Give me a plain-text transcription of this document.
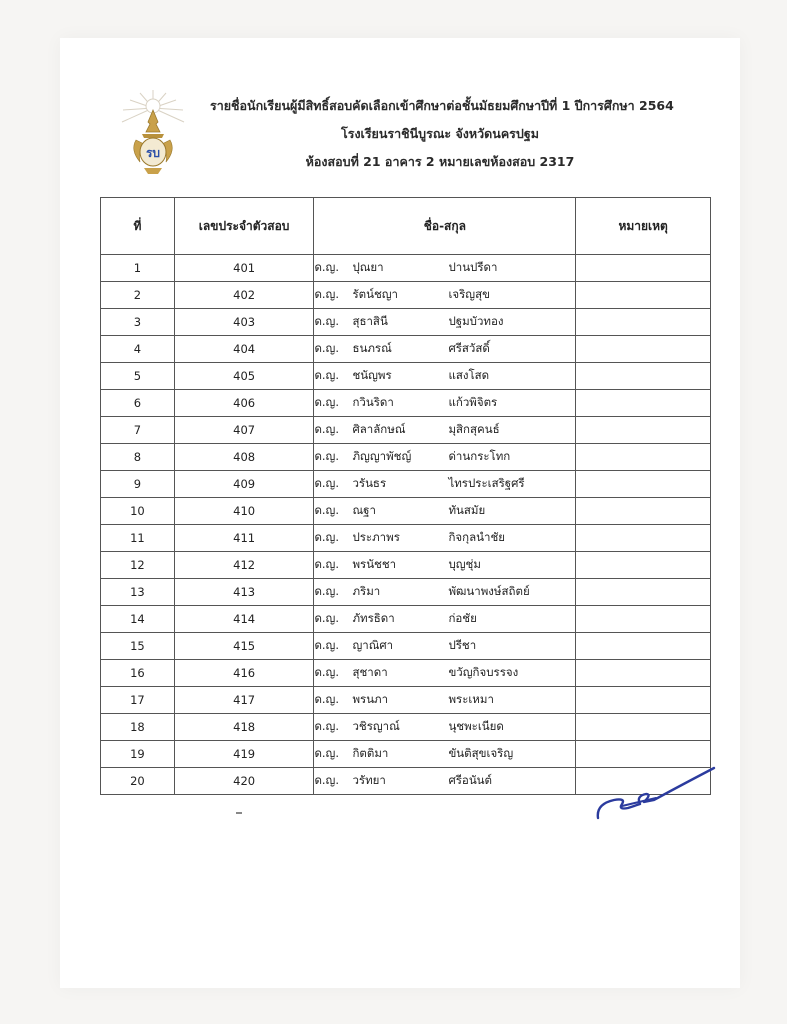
รบ
รายชื่อนักเรียนผู้มีสิทธิ์สอบคัดเลือกเข้าศึกษาต่อชั้นมัธยมศึกษาปีที่ 1 ปีการศึกษา 2564
โรงเรียนราชินีบูรณะ จังหวัดนครปฐม
ห้องสอบที่ 21 อาคาร 2 หมายเลขห้องสอบ 2317
ที่	เลขประจำตัวสอบ	ชื่อ-สกุล	หมายเหตุ
1	401	ด.ญ. ปุณยา ปานปรีดา	
2	402	ด.ญ. รัตน์ชญา เจริญสุข	
3	403	ด.ญ. สุธาสินี ปฐมบัวทอง	
4	404	ด.ญ. ธนภรณ์ ศรีสวัสดิ์	
5	405	ด.ญ. ชนัญพร แสงโสด	
6	406	ด.ญ. กวินริดา แก้วพิจิตร	
7	407	ด.ญ. ศิลาลักษณ์ มุสิกสุคนธ์	
8	408	ด.ญ. ภิญญาพัชญ์ ด่านกระโทก	
9	409	ด.ญ. วรันธร ไทรประเสริฐศรี	
10	410	ด.ญ. ณฐา ทันสมัย	
11	411	ด.ญ. ประภาพร กิจกุลนำชัย	
12	412	ด.ญ. พรนัชชา บุญชุ่ม	
13	413	ด.ญ. ภริมา พัฒนาพงษ์สถิตย์	
14	414	ด.ญ. ภัทรธิดา ก่อชัย	
15	415	ด.ญ. ญาณิศา ปรีชา	
16	416	ด.ญ. สุชาดา ขวัญกิจบรรจง	
17	417	ด.ญ. พรนภา พระเหมา	
18	418	ด.ญ. วชิรญาณ์ นุชพะเนียด	
19	419	ด.ญ. กิตติมา ขันติสุขเจริญ	
20	420	ด.ญ. วรัทยา ศรีอนันต์	
